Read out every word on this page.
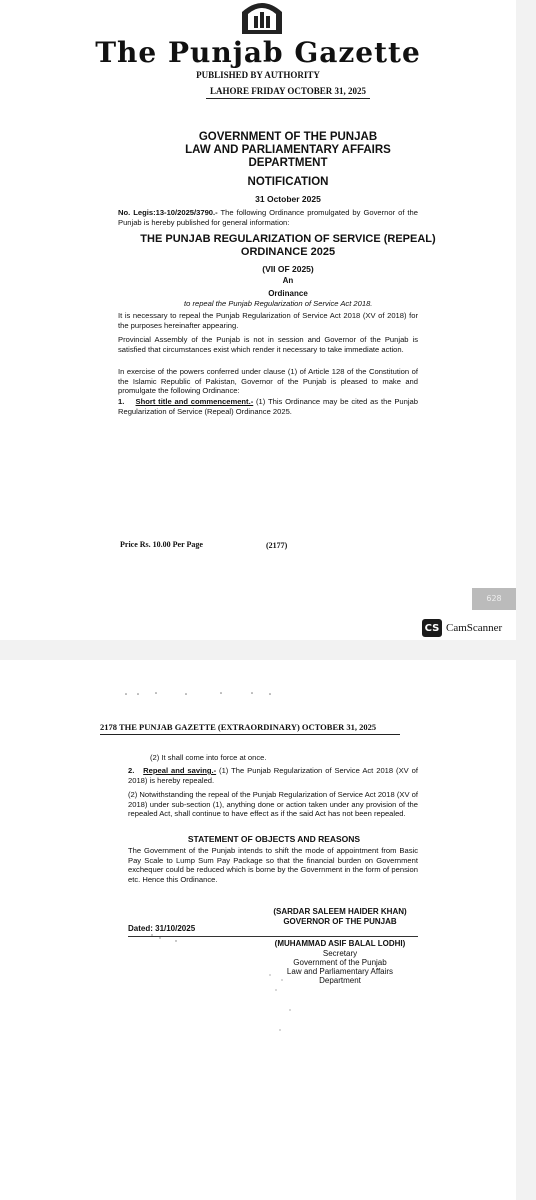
The Punjab Gazette
PUBLISHED BY AUTHORITY
LAHORE FRIDAY OCTOBER 31, 2025
GOVERNMENT OF THE PUNJAB
LAW AND PARLIAMENTARY AFFAIRS
DEPARTMENT
NOTIFICATION
31 October 2025
No. Legis:13-10/2025/3790.- The following Ordinance promulgated by Governor of the Punjab is hereby published for general information:
THE PUNJAB REGULARIZATION OF SERVICE (REPEAL)
ORDINANCE 2025
(VII OF 2025)
An
Ordinance
to repeal the Punjab Regularization of Service Act 2018.
It is necessary to repeal the Punjab Regularization of Service Act 2018 (XV of 2018) for the purposes hereinafter appearing.
Provincial Assembly of the Punjab is not in session and Governor of the Punjab is satisfied that circumstances exist which render it necessary to take immediate action.
In exercise of the powers conferred under clause (1) of Article 128 of the Constitution of the Islamic Republic of Pakistan, Governor of the Punjab is pleased to make and promulgate the following Ordinance:
1. Short title and commencement.- (1) This Ordinance may be cited as the Punjab Regularization of Service (Repeal) Ordinance 2025.
Price Rs. 10.00 Per Page	(2177)
628
CS CamScanner
2178 THE PUNJAB GAZETTE (EXTRAORDINARY) OCTOBER 31, 2025
(2) It shall come into force at once.
2. Repeal and saving.- (1) The Punjab Regularization of Service Act 2018 (XV of 2018) is hereby repealed.
(2) Notwithstanding the repeal of the Punjab Regularization of Service Act 2018 (XV of 2018) under sub-section (1), anything done or action taken under any provision of the repealed Act, shall continue to have effect as if the said Act has not been repealed.
STATEMENT OF OBJECTS AND REASONS
The Government of the Punjab intends to shift the mode of appointment from Basic Pay Scale to Lump Sum Pay Package so that the financial burden on Government exchequer could be reduced which is borne by the Government in the form of pension etc. Hence this Ordinance.
(SARDAR SALEEM HAIDER KHAN)
GOVERNOR OF THE PUNJAB
Dated: 31/10/2025
(MUHAMMAD ASIF BALAL LODHI)
Secretary
Government of the Punjab
Law and Parliamentary Affairs
Department
